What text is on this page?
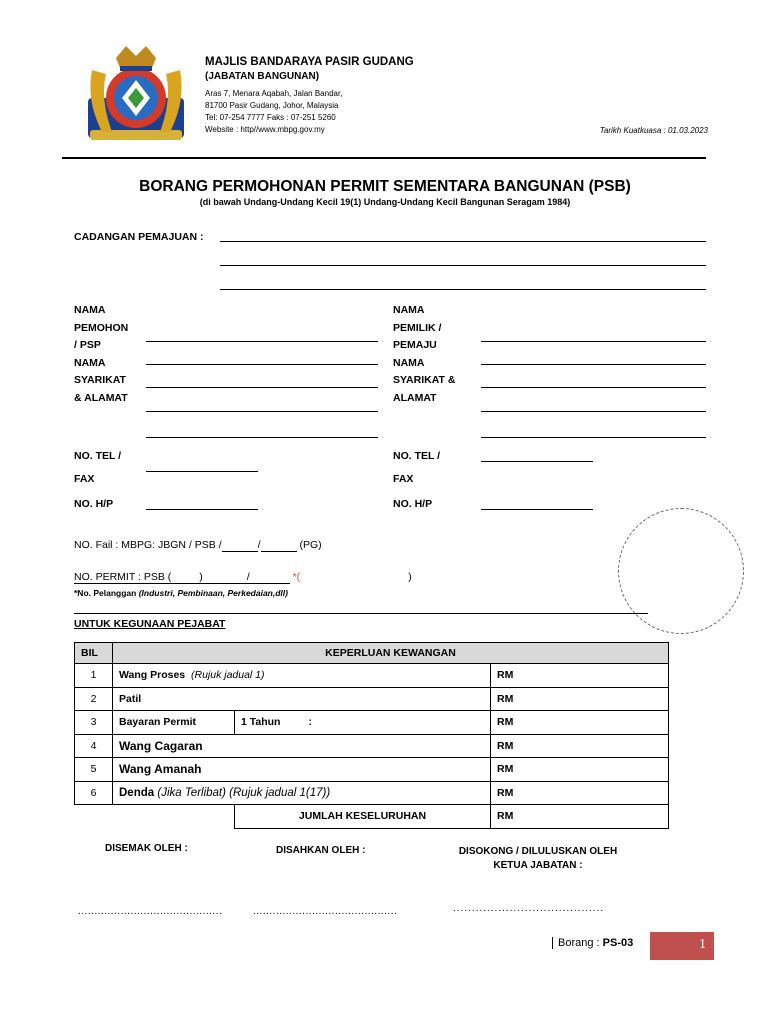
MAJLIS BANDARAYA PASIR GUDANG
(JABATAN BANGUNAN)
Aras 7, Menara Aqabah, Jalan Bandar,
81700 Pasir Gudang, Johor, Malaysia
Tel: 07-254 7777 Faks : 07-251 5260
Website : http//www.mbpg.gov.my	Tarikh Kuatkuasa : 01.03.2023
BORANG PERMOHONAN PERMIT SEMENTARA BANGUNAN (PSB)
(di bawah Undang-Undang Kecil 19(1) Undang-Undang Kecil Bangunan Seragam 1984)
CADANGAN PEMAJUAN :
NAMA
PEMOHON
/ PSP
NAMA
SYARIKAT
& ALAMAT
NO. TEL /
FAX
NO. H/P
NAMA
PEMILIK /
PEMAJU
NAMA
SYARIKAT &
ALAMAT
NO. TEL /
FAX
NO. H/P
NO. Fail : MBPG: JBGN / PSB /	/	(PG)
NO. PERMIT : PSB (	)	/	*(	)
*No. Pelanggan (Industri, Pembinaan, Perkedaian,dll)
UNTUK KEGUNAAN PEJABAT
BIL	KEPERLUAN KEWANGAN		
1	Wang Proses (Rujuk jadual 1)		RM
2	Patil		RM
3	Bayaran Permit	1 Tahun :	RM
4	Wang Cagaran		RM
5	Wang Amanah		RM
6	Denda (Jika Terlibat) (Rujuk jadual 1(17))		RM
		JUMLAH KESELURUHAN	RM
DISEMAK OLEH :	DISAHKAN OLEH :	DISOKONG / DILULUSKAN OLEH
KETUA JABATAN :
............................................	............................................	........................................
Borang : PS-03	1
